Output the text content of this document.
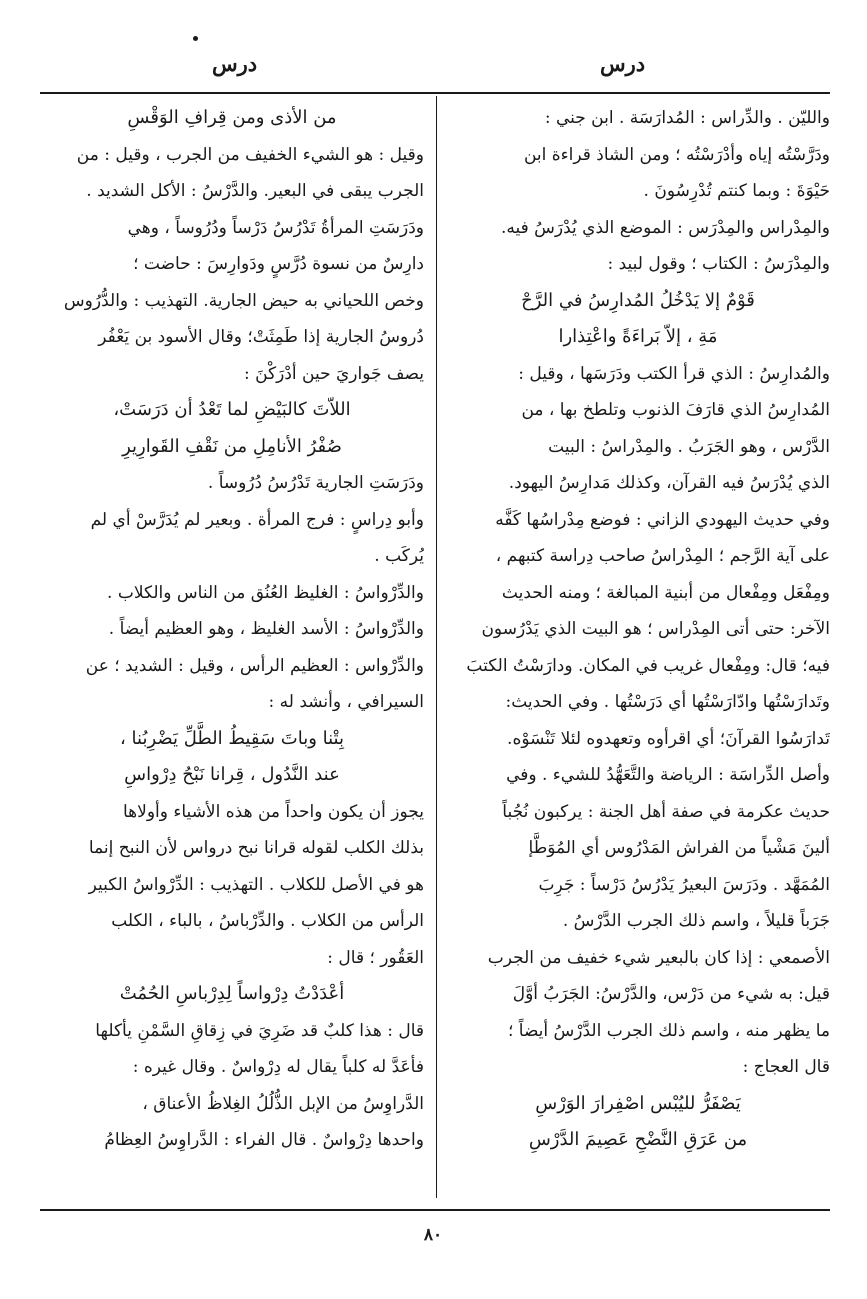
درس
درس
والليّن . والدِّراس : المُدارَسَة . ابن جني :
ودَرَّسْتُه إياه وأدْرَسْتُه ؛ ومن الشاذ قراءة ابن
حَيْوَةَ : وبما كنتم تُدْرِسُونَ .
والمِدْراس والمِدْرَس : الموضع الذي يُدْرَسُ فيه.
والمِدْرَسُ : الكتاب ؛ وقول لبيد :
قَوْمٌ إلا يَدْخُلُ المُدارِسُ في الرَّحْ
مَةِ ، إلاّ بَراءَةً واعْتِذارا
والمُدارِسُ : الذي قرأ الكتب ودَرَسَها ، وقيل :
المُدارِسُ الذي قارَفَ الذنوب وتلطخ بها ، من
الدَّرْس ، وهو الجَرَبُ . والمِدْراسُ : البيت
الذي يُدْرَسُ فيه القرآن، وكذلك مَدارِسُ اليهود.
وفي حديث اليهودي الزاني : فوضع مِدْراسُها كَفَّه
على آية الرَّجم ؛ المِدْراسُ صاحب دِراسة كتبهم ،
ومِفْعَل ومِفْعال من أبنية المبالغة ؛ ومنه الحديث
الآخر: حتى أتى المِدْراس ؛ هو البيت الذي يَدْرُسون
فيه؛ قال: ومِفْعال غريب في المكان. ودارَسْتُ الكتبَ
وتَدارَسْتُها وادّارَسْتُها أي دَرَسْتُها . وفي الحديث:
تَدارَسُوا القرآنَ؛ أي اقرأوه وتعهدوه لئلا تَنْسَوْه.
وأصل الدِّراسَة : الرياضة والتَّعَهُّدُ للشيء . وفي
حديث عكرمة في صفة أهل الجنة : يركبون نُجُباً
ألينَ مَشْياً من الفراش المَدْرُوس أي المُوَطَّإ
المُمَهَّد . ودَرَسَ البعيرُ يَدْرُسُ دَرْساً : جَرِبَ
جَرَباً قليلاً ، واسم ذلك الجرب الدَّرْسُ .
الأصمعي : إذا كان بالبعير شيء خفيف من الجرب
قيل: به شيء من دَرْس، والدَّرْسُ: الجَرَبُ أوَّلَ
ما يظهر منه ، واسم ذلك الجرب الدَّرْسُ أيضاً ؛
قال العجاج :
يَصْفَرُّ لليُبْس اصْفِرارَ الوَرْسِ
من عَرَقِ النَّضْحِ عَصِيمَ الدَّرْسِ
من الأذى ومن قِرافِ الوَقْسِ
وقيل : هو الشيء الخفيف من الجرب ، وقيل : من
الجرب يبقى في البعير. والدَّرْسُ : الأكل الشديد .
ودَرَسَتِ المرأةُ تَدْرُسُ دَرْساً ودُرُوساً ، وهي
دارِسٌ من نسوة دُرَّسٍ ودَوارِسَ : حاضت ؛
وخص اللحياني به حيض الجارية. التهذيب : والدُّرُوس
دُروسُ الجارية إذا طَمِثَتْ؛ وقال الأسود بن يَعْفُر
يصف جَواريَ حين أدْرَكْنَ :
اللاّتَ كالبَيْضِ لما تَعْدُ أن دَرَسَتْ،
صُفْرُ الأنامِلِ من نَقْفِ القَوارِيرِ
ودَرَسَتِ الجارية تَدْرُسُ دُرُوساً .
وأبو دِراسٍ : فرج المرأة . وبعير لم يُدَرَّسْ أي لم
يُركَب .
والدِّرْواسُ : الغليظ العُنُق من الناس والكلاب .
والدِّرْواسُ : الأسد الغليظ ، وهو العظيم أيضاً .
والدِّرْواس : العظيم الرأس ، وقيل : الشديد ؛ عن
السيرافي ، وأنشد له :
بِتْنا وباتَ سَقِيطُ الطَّلِّ يَضْرِبُنا ،
عند النَّدُول ، قِرانا نَبْحُ دِرْواسِ
يجوز أن يكون واحداً من هذه الأشياء وأولاها
بذلك الكلب لقوله قرانا نبح درواس لأن النبح إنما
هو في الأصل للكلاب . التهذيب : الدِّرْواسُ الكبير
الرأس من الكلاب . والدِّرْباسُ ، بالباء ، الكلب
العَقُور ؛ قال :
أعْدَدْتُ دِرْواساً لِدِرْباسِ الحُمُتْ
قال : هذا كلبٌ قد ضَرِيَ في زِقاقِ السَّمْنِ يأكلها
فأعَدَّ له كلباً يقال له دِرْواسٌ . وقال غيره :
الدَّراوِسُ من الإبل الذُّلُلُ الغِلاظُ الأعناق ،
واحدها دِرْواسٌ . قال الفراء : الدَّراوِسُ العِظامُ
٨٠
